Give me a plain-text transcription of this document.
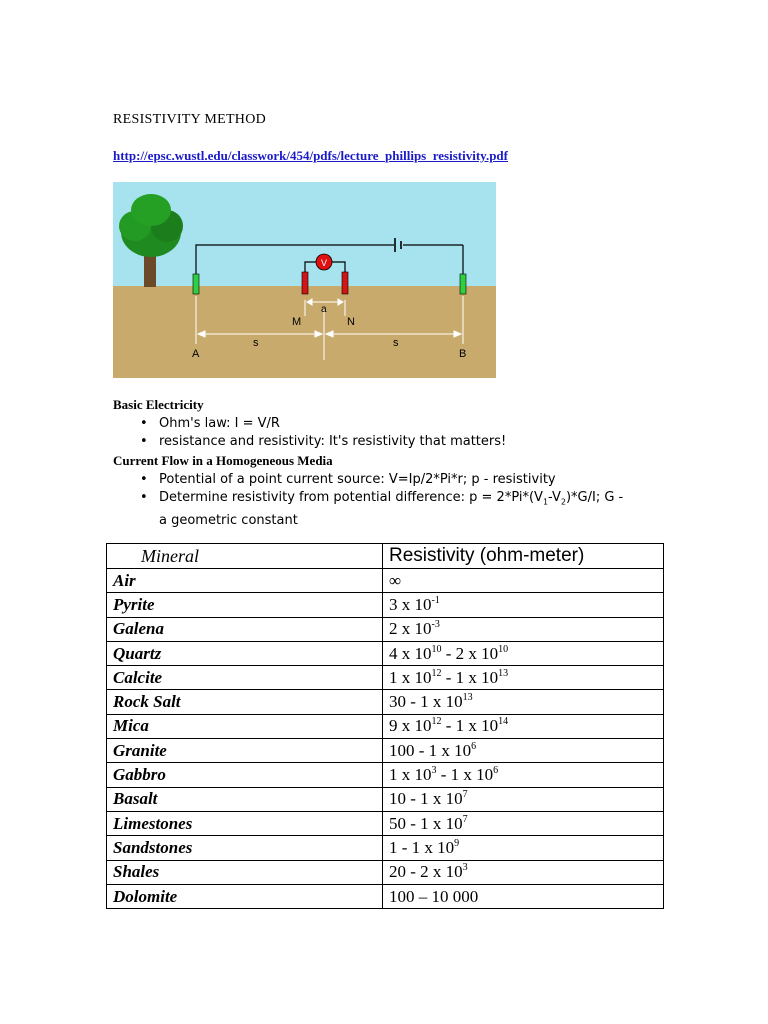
RESISTIVITY METHOD
http://epsc.wustl.edu/classwork/454/pdfs/lecture_phillips_resistivity.pdf
V
A	B
M	N
a
s	s
Basic Electricity
• Ohm's law: I = V/R
• resistance and resistivity: It's resistivity that matters!
Current Flow in a Homogeneous Media
• Potential of a point current source: V=Ip/2*Pi*r; p - resistivity
• Determine resistivity from potential difference: $p = 2*Pi*(V_1-V_2)*G/I$; G - a geometric constant
Mineral	Resistivity (ohm-meter)
Air	∞
Pyrite	3 x $10^{-1}$
Galena	2 x $10^{-3}$
Quartz	4 x $10^{10} - 2$ x $10^{10}$
Calcite	1 x $10^{12} - 1$ x $10^{13}$
Rock Salt	30 - 1 x $10^{13}$
Mica	9 x $10^{12} - 1$ x $10^{14}$
Granite	100 - 1 x $10^6$
Gabbro	1 x $10^3 - 1$ x $10^6$
Basalt	10 - 1 x $10^7$
Limestones	50 - 1 x $10^7$
Sandstones	1 - 1 x $10^9$
Shales	20 - 2 x $10^3$
Dolomite	100 – 10 000
